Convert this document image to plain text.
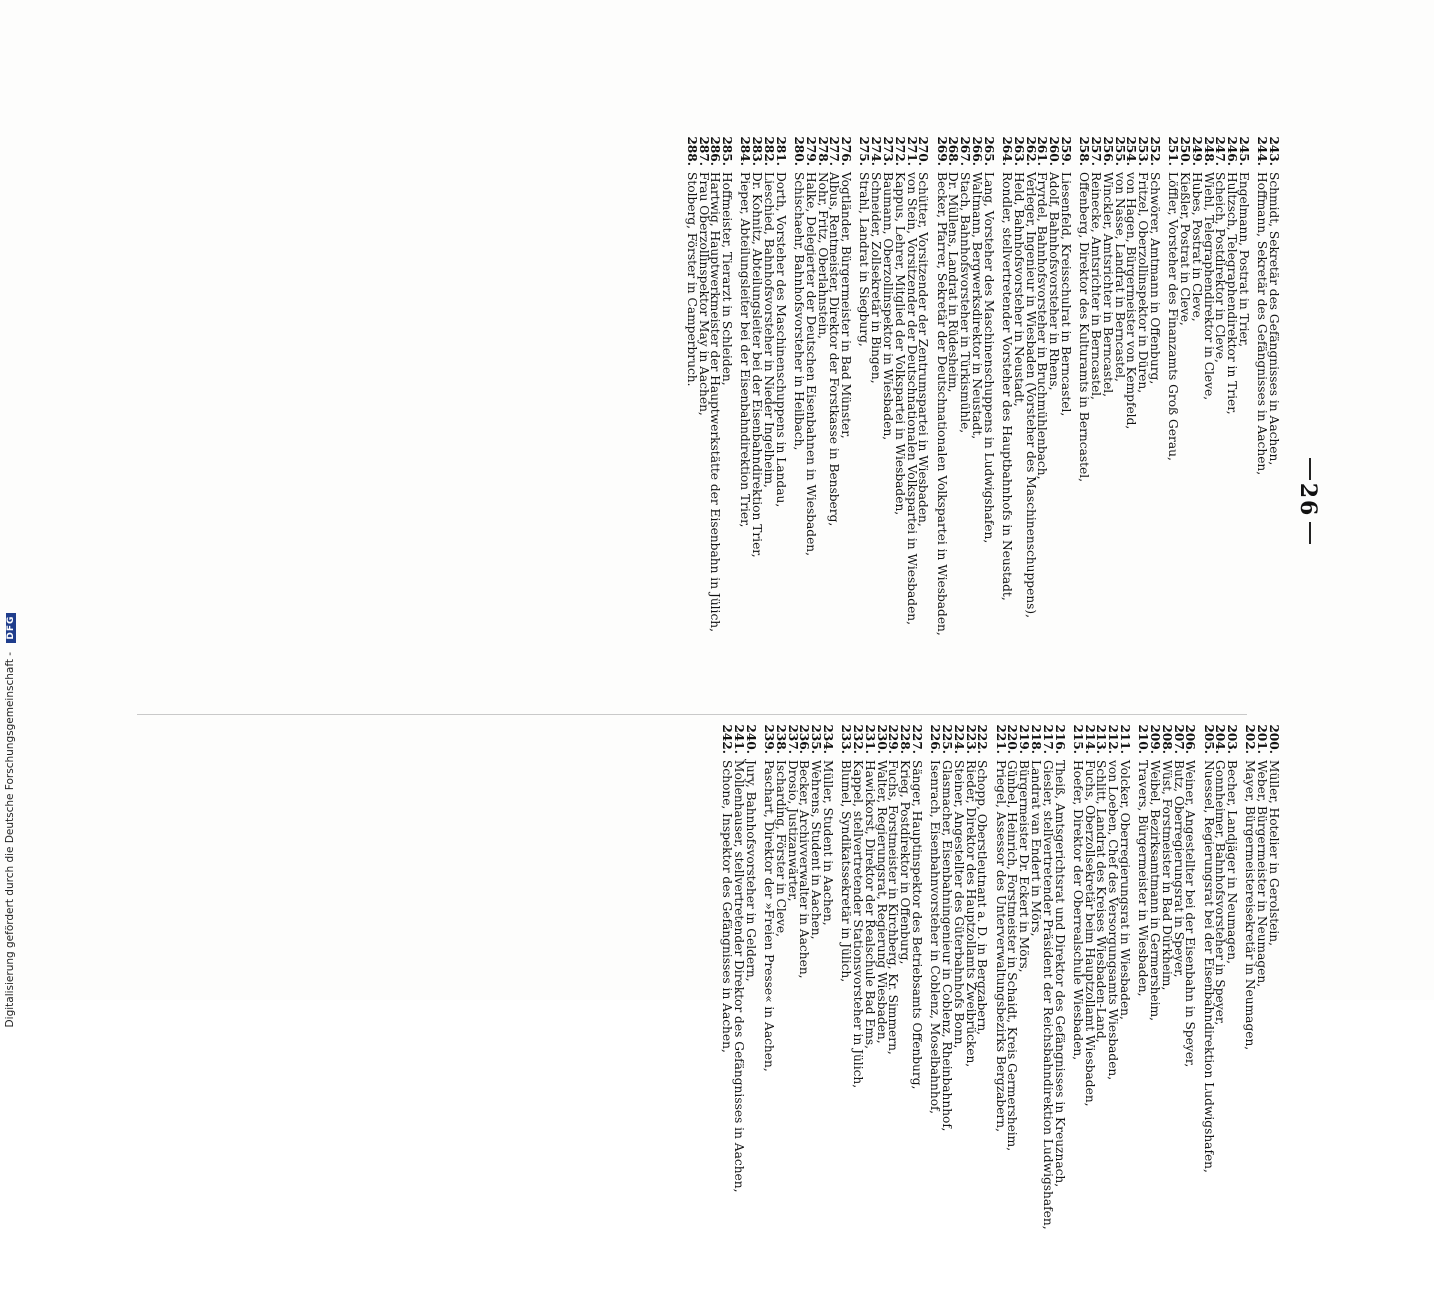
Digitalisierung gefördert durch die Deutsche Forschungsgemeinschaft - DFG
26
200.
Müller, Hotelier in Gerolstein,
201.
Weber, Bürgermeister in Neumagen,
202.
Mayer, Bürgermeistereisekretär in Neumagen,
203.
Becher, Landjäger in Neumagen,
204.
Gonnheimer, Bahnhofsvorsteher in Speyer,
205.
Nuessel, Regierungsrat bei der Eisenbahndirektion Ludwigshafen,
206.
Weiner, Angestellter bei der Eisenbahn in Speyer,
207.
Butz, Oberregierungsrat in Speyer,
208.
Wüst, Forstmeister in Bad Dürkheim,
209.
Weibel, Bezirksamtmann in Germersheim,
210.
Travers, Bürgermeister in Wiesbaden,
211.
Volcker, Oberregierungsrat in Wiesbaden,
212.
von Loeben, Chef des Versorgungsamts Wiesbaden,
213.
Schlitt, Landrat des Kreises Wiesbaden-Land,
214.
Fuchs, Oberzollsekretär beim Hauptzollamt Wiesbaden,
215.
Hoefer, Direktor der Oberrealschule Wiesbaden,
216.
Theiß, Amtsgerichtsrat und Direktor des Gefängnisses in Kreuznach,
217.
Giesler, stellvertretender Präsident der Reichsbahndirektion Ludwigshafen,
218.
Landrat van Endert in Mörs,
219.
Bürgermeister Dr. Eckert in Mörs,
220.
Günbel, Heinrich, Forstmeister in Schaidt, Kreis Germersheim,
221.
Priegel, Assessor des Unterverwaltungsbezirks Bergzabern,
222.
Schopp, Oberstleutnant a. D. in Bergzabern,
223.
Rieder, Direktor des Hauptzollamts Zweibrücken,
224.
Steiner, Angestellter des Güterbahnhofs Bonn,
225.
Glasmacher, Eisenbahningenieur in Coblenz, Rheinbahnhof,
226.
Isenrach, Eisenbahnvorsteher in Coblenz, Moselbahnhof,
227.
Sänger, Hauptinspektor des Betriebsamts Offenburg,
228.
Krieg, Postdirektor in Offenburg,
229.
Fuchs, Forstmeister in Kirchberg, Kr. Simmern,
230.
Walter, Regierungsrat, Regierung Wiesbaden,
231.
Hawickorst, Direktor der Realschule Bad Ems,
232.
Kappel, stellvertretender Stationsvorsteher in Jülich,
233.
Blumel, Syndikatssekretär in Jülich,
234.
Müller, Student in Aachen,
235.
Wehrens, Student in Aachen,
236.
Becker, Archivverwalter in Aachen,
237.
Drosio, Justizanwärter,
238.
Ischarding, Förster in Cleve,
239.
Paschart, Direktor der »Freien Presse« in Aachen,
240.
Jury, Bahnhofsvorsteher in Geldern,
241.
Mollenhauser, stellvertretender Direktor des Gefängnisses in Aachen,
242.
Schone, Inspektor des Gefängnisses in Aachen,
243.
Schmidt, Sekretär des Gefängnisses in Aachen,
244.
Hoffmann, Sekretär des Gefängnisses in Aachen,
245.
Engelmann, Postrat in Trier,
246.
Hultzsch, Telegraphendirektor in Trier,
247.
Scheich, Postdirektor in Cleve,
248.
Wiehl, Telegraphendirektor in Cleve,
249.
Hubes, Postrat in Cleve,
250.
Kießler, Postrat in Cleve,
251.
Löffler, Vorsteher des Finanzamts Groß Gerau,
252.
Schwörer, Amtmann in Offenburg,
253.
Fritzel, Oberzollinspektor in Düren,
254.
von Hagen, Bürgermeister von Kempfeld,
255.
von Nasse, Landrat in Berncastel,
256.
Winckler, Amtsrichter in Berncastel,
257.
Reinecke, Amtsrichter in Berncastel,
258.
Offenberg, Direktor des Kulturamts in Berncastel,
259.
Liesenfeld, Kreisschulrat in Berncastel,
260.
Adolf, Bahnhofsvorsteher in Rhens,
261.
Fryrdel, Bahnhofsvorsteher in Bruchmühlenbach,
262.
Verleger, Ingenieur in Wiesbaden (Vorsteher des Maschinenschuppens),
263.
Held, Bahnhofsvorsteher in Neustadt,
264.
Rondler, stellvertretender Vorsteher des Hauptbahnhofs in Neustadt,
265.
Lang, Vorsteher des Maschinenschuppens in Ludwigshafen,
266.
Waltmann, Bergwerksdirektor in Neustadt,
267.
Stach, Bahnhofsvorsteher in Türkismühle,
268.
Dr. Müllens, Landrat in Rüdesheim,
269.
Becker, Pfarrer, Sekretär der Deutschnationalen Volkspartei in Wiesbaden,
270.
Schütter, Vorsitzender der Zentrumspartei in Wiesbaden,
271.
von Stein, Vorsitzender der Deutschnationalen Volkspartei in Wiesbaden,
272.
Kappus, Lehrer, Mitglied der Volkspartei in Wiesbaden,
273.
Baumann, Oberzollinspektor in Wiesbaden,
274.
Schneider, Zollsekretär in Bingen,
275.
Strahl, Landrat in Siegburg,
276.
Vogtländer, Bürgermeister in Bad Münster,
277.
Albus, Rentmeister, Direktor der Forstkasse in Bensberg,
278.
Nohr, Fritz, Oberlahnstein,
279.
Halke, Delegierter der Deutschen Eisenbahnen in Wiesbaden,
280.
Schischaehr, Bahnhofsvorsteher in Heilbach,
281.
Dorth, Vorsteher des Maschinenschuppens in Landau,
282.
Lieschied, Bahnhofsvorsteher in Nieder Ingelheim,
283.
Dr. Kohnitz, Abteilungsleiter bei der Eisenbahndirektion Trier,
284.
Pieper, Abteilungsleiter bei der Eisenbahndirektion Trier,
285.
Hoffmeister, Tierarzt in Schleiden,
286.
Hartwig, Hauptwerkmeister der Hauptwerkstätte der Eisenbahn in Jülich,
287.
Frau Oberzollinspektor May in Aachen,
288.
Stolberg, Förster in Camperbruch.
